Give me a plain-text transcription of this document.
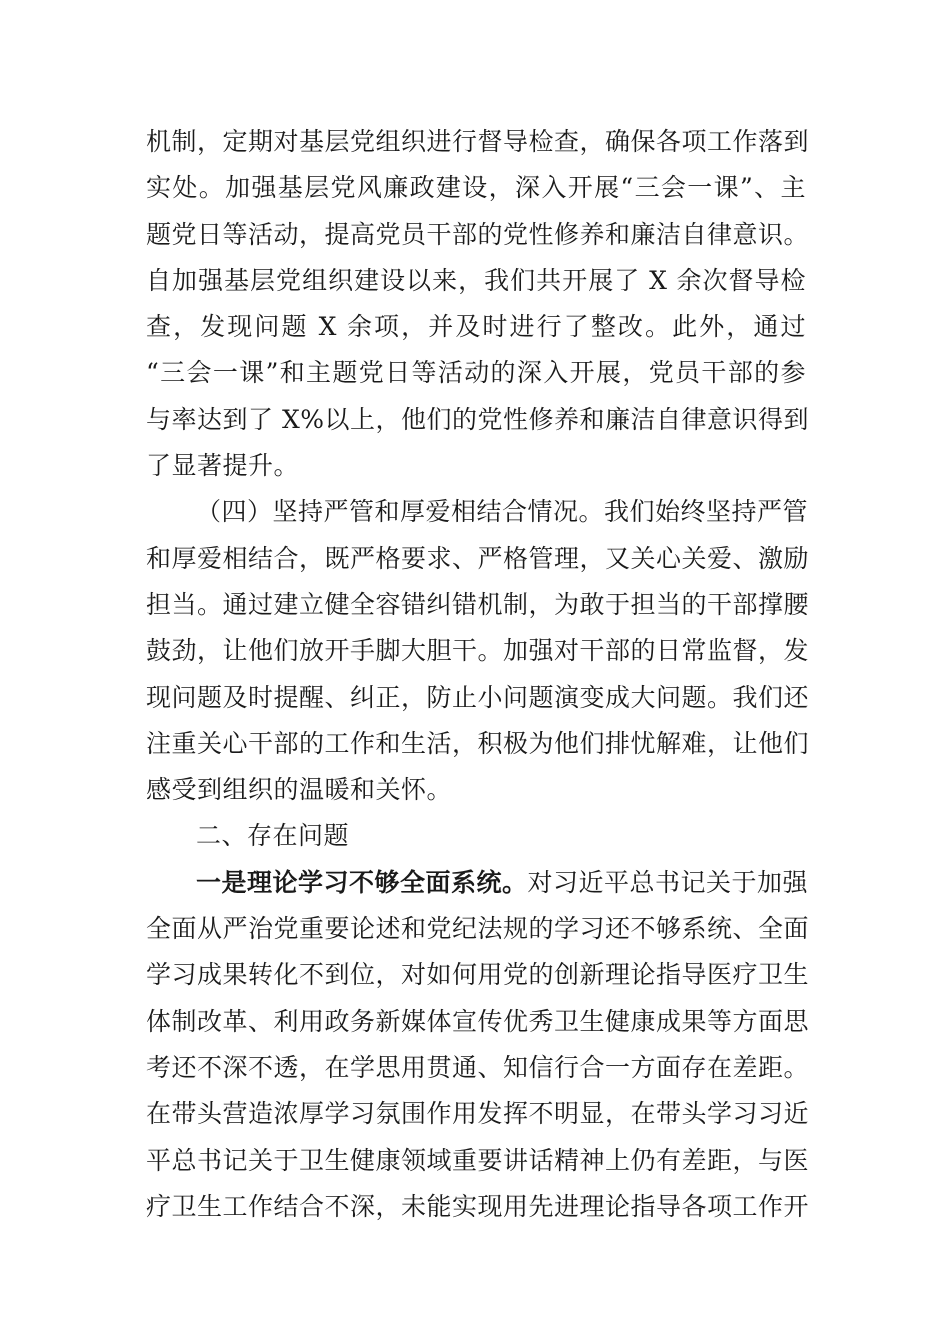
机制，定期对基层党组织进行督导检查，确保各项工作落到
实处。加强基层党风廉政建设，深入开展“三会一课”、主
题党日等活动，提高党员干部的党性修养和廉洁自律意识。
自加强基层党组织建设以来，我们共开展了 X 余次督导检
查，发现问题 X 余项，并及时进行了整改。此外，通过
“三会一课”和主题党日等活动的深入开展，党员干部的参
与率达到了 X%以上，他们的党性修养和廉洁自律意识得到
了显著提升。
（四）坚持严管和厚爱相结合情况。我们始终坚持严管
和厚爱相结合，既严格要求、严格管理，又关心关爱、激励
担当。通过建立健全容错纠错机制，为敢于担当的干部撑腰
鼓劲，让他们放开手脚大胆干。加强对干部的日常监督，发
现问题及时提醒、纠正，防止小问题演变成大问题。我们还
注重关心干部的工作和生活，积极为他们排忧解难，让他们
感受到组织的温暖和关怀。
二、存在问题
一是理论学习不够全面系统。对习近平总书记关于加强
全面从严治党重要论述和党纪法规的学习还不够系统、全面
学习成果转化不到位，对如何用党的创新理论指导医疗卫生
体制改革、利用政务新媒体宣传优秀卫生健康成果等方面思
考还不深不透，在学思用贯通、知信行合一方面存在差距。
在带头营造浓厚学习氛围作用发挥不明显，在带头学习习近
平总书记关于卫生健康领域重要讲话精神上仍有差距，与医
疗卫生工作结合不深，未能实现用先进理论指导各项工作开
